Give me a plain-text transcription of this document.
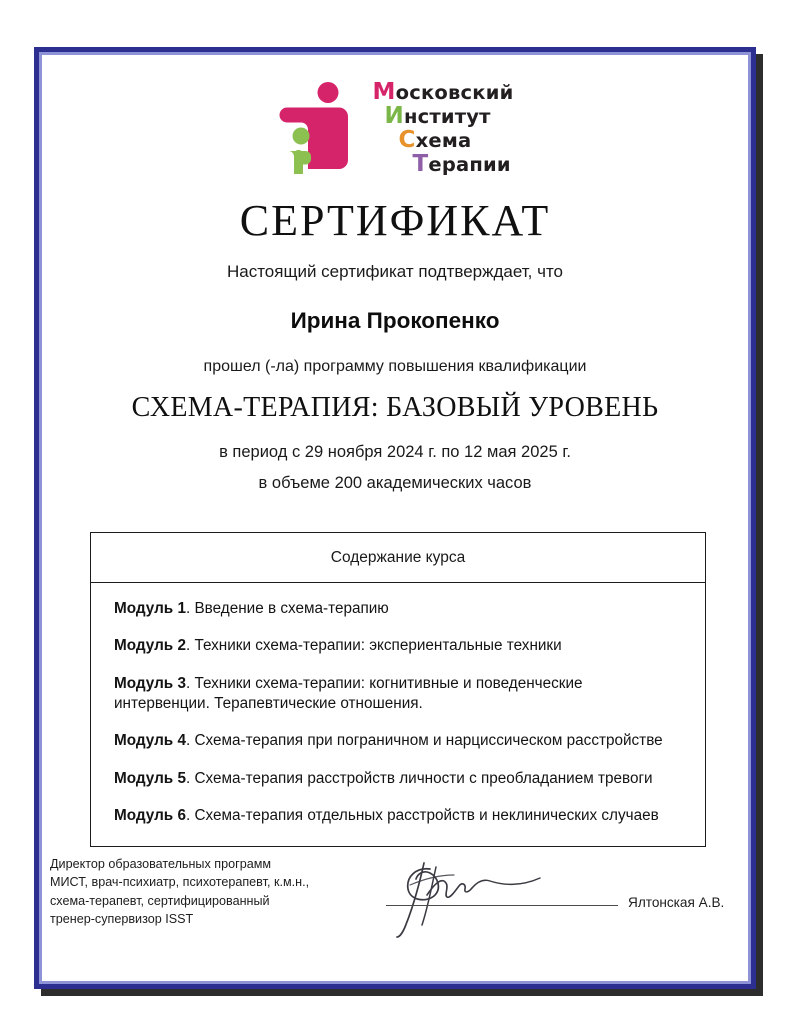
Московский
Институт
Схема
Терапии
СЕРТИФИКАТ
Настоящий сертификат подтверждает, что
Ирина Прокопенко
прошел (-ла) программу повышения квалификации
СХЕМА-ТЕРАПИЯ: БАЗОВЫЙ УРОВЕНЬ
в период с 29 ноября 2024 г. по 12 мая 2025 г.
в объеме 200 академических часов
Содержание курса
Модуль 1. Введение в схема-терапию
Модуль 2. Техники схема-терапии: экспериентальные техники
Модуль 3. Техники схема-терапии: когнитивные и поведенческие интервенции. Терапевтические отношения.
Модуль 4. Схема-терапия при пограничном и нарциссическом расстройстве
Модуль 5. Схема-терапия расстройств личности с преобладанием тревоги
Модуль 6. Схема-терапия отдельных расстройств и неклинических случаев
Директор образовательных программ
МИСТ, врач-психиатр, психотерапевт, к.м.н.,
схема-терапевт, сертифицированный
тренер-супервизор ISST
Ялтонская А.В.
